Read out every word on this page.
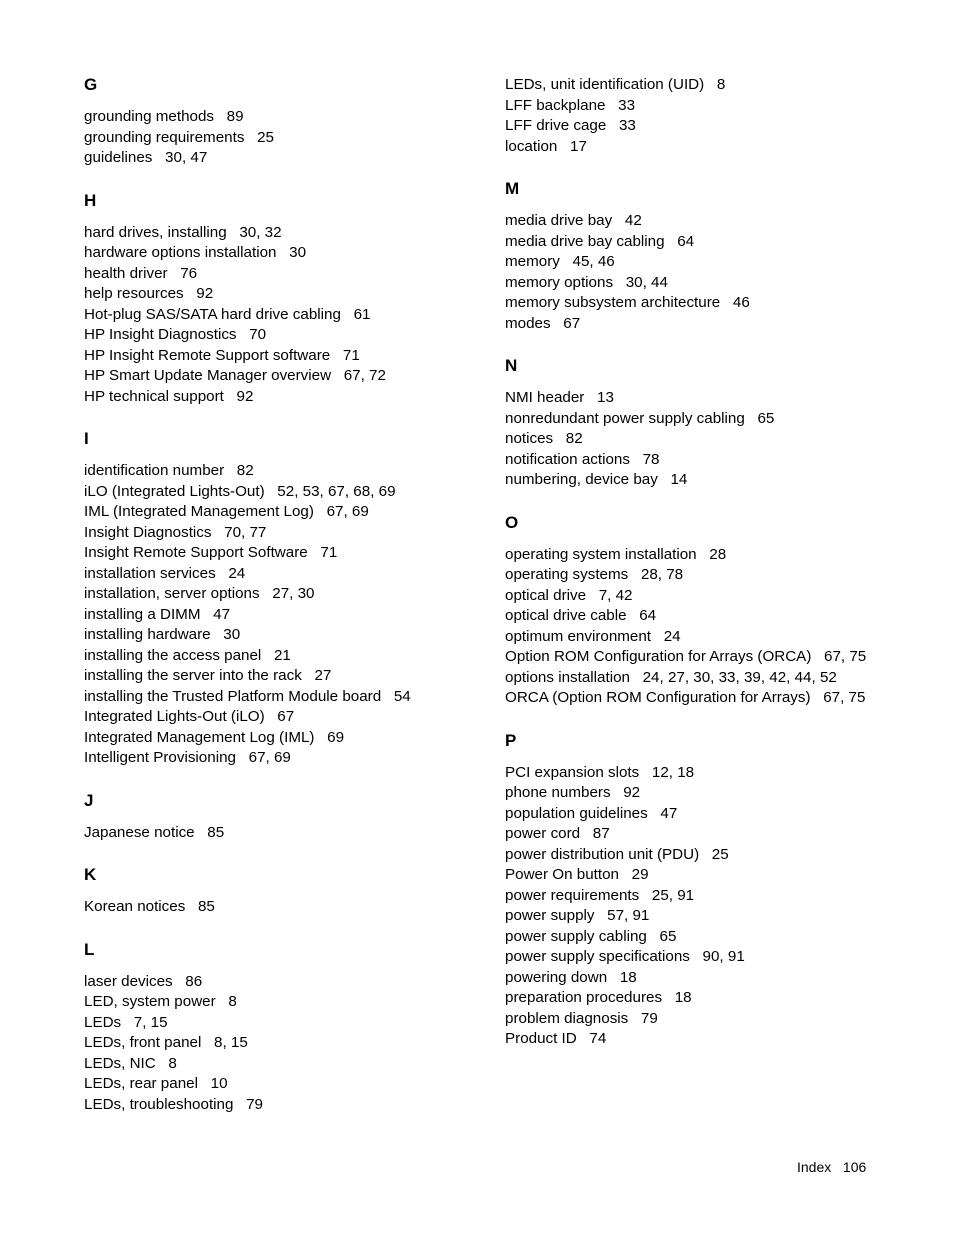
G
grounding methods   89
grounding requirements   25
guidelines   30, 47
H
hard drives, installing   30, 32
hardware options installation   30
health driver   76
help resources   92
Hot-plug SAS/SATA hard drive cabling   61
HP Insight Diagnostics   70
HP Insight Remote Support software   71
HP Smart Update Manager overview   67, 72
HP technical support   92
I
identification number   82
iLO (Integrated Lights-Out)   52, 53, 67, 68, 69
IML (Integrated Management Log)   67, 69
Insight Diagnostics   70, 77
Insight Remote Support Software   71
installation services   24
installation, server options   27, 30
installing a DIMM   47
installing hardware   30
installing the access panel   21
installing the server into the rack   27
installing the Trusted Platform Module board   54
Integrated Lights-Out (iLO)   67
Integrated Management Log (IML)   69
Intelligent Provisioning   67, 69
J
Japanese notice   85
K
Korean notices   85
L
laser devices   86
LED, system power   8
LEDs   7, 15
LEDs, front panel   8, 15
LEDs, NIC   8
LEDs, rear panel   10
LEDs, troubleshooting   79
LEDs, unit identification (UID)   8
LFF backplane   33
LFF drive cage   33
location   17
M
media drive bay   42
media drive bay cabling   64
memory   45, 46
memory options   30, 44
memory subsystem architecture   46
modes   67
N
NMI header   13
nonredundant power supply cabling   65
notices   82
notification actions   78
numbering, device bay   14
O
operating system installation   28
operating systems   28, 78
optical drive   7, 42
optical drive cable   64
optimum environment   24
Option ROM Configuration for Arrays (ORCA)   67, 75
options installation   24, 27, 30, 33, 39, 42, 44, 52
ORCA (Option ROM Configuration for Arrays)   67, 75
P
PCI expansion slots   12, 18
phone numbers   92
population guidelines   47
power cord   87
power distribution unit (PDU)   25
Power On button   29
power requirements   25, 91
power supply   57, 91
power supply cabling   65
power supply specifications   90, 91
powering down   18
preparation procedures   18
problem diagnosis   79
Product ID   74
Index 106
